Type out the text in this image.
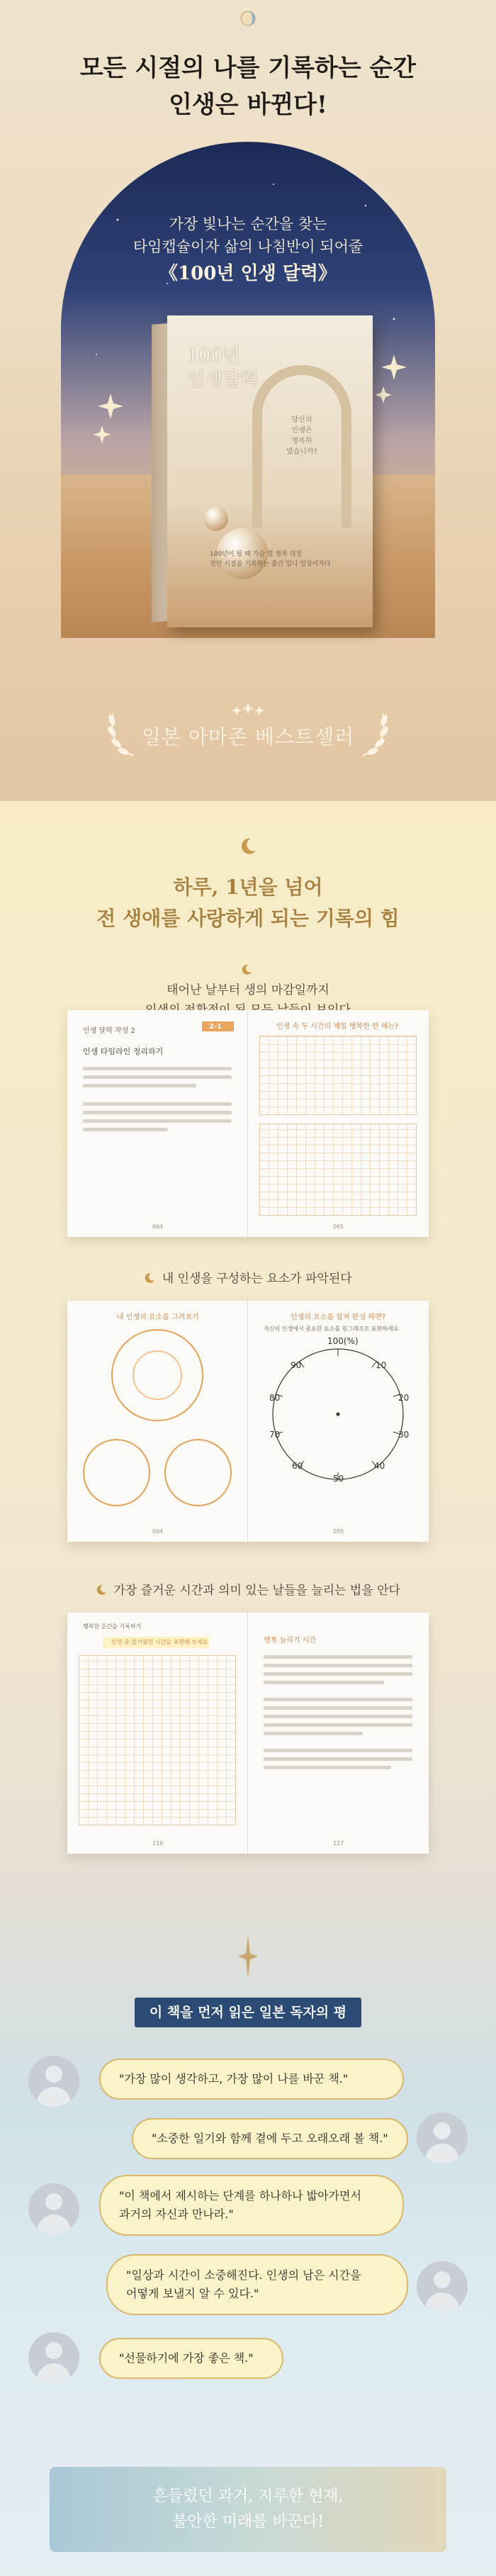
모든 시절의 나를 기록하는 순간
인생은 바뀐다!
가장 빛나는 순간을 찾는
타임캡슐이자 삶의 나침반이 되어줄
《100년 인생 달력》
100년
인생달력
당신의
인생은
행복하
였습니까?
100년이 될 때 가슴 떨 행복 대정
전인 시절을 기록하는 출간 입니 일상이자다
일본 아마존 베스트셀러
하루, 1년을 넘어
전 생애를 사랑하게 되는 기록의 힘
태어난 날부터 생의 마감일까지
인생 달력 작성 2
2-1
인생 타임라인 정리하기
064
인생 속 두 시간의 제일 행복한 한 해는?
065
내 인생을 구성하는 요소가 파악된다
내 인생의 요소를 그려보기
094
인생의 요소를 합쳐 완성 하면?
자신의 인생에서 중요한 요소를 원그래프로 표현하세요
100(%)
90
80
70
60
50
40
30
20
10
095
가장 즐거운 시간과 의미 있는 날들을 늘리는 법을 안다
행복한 순간을 기록하기
인생 중 즐거웠던 시간을 표현해 보세요
116
행복 늘리기 시간
117
이 책을 먼저 읽은 일본 독자의 평
"가장 많이 생각하고, 가장 많이 나를 바꾼 책."
"소중한 일기와 함께 곁에 두고 오래오래 볼 책."
"이 책에서 제시하는 단계를 하나하나 밟아가면서
과거의 자신과 만나라."
"일상과 시간이 소중해진다. 인생의 남은 시간을
어떻게 보낼지 알 수 있다."
"선물하기에 가장 좋은 책."
흔들렸던 과거, 지루한 현재,
불안한 미래를 바꾼다!
